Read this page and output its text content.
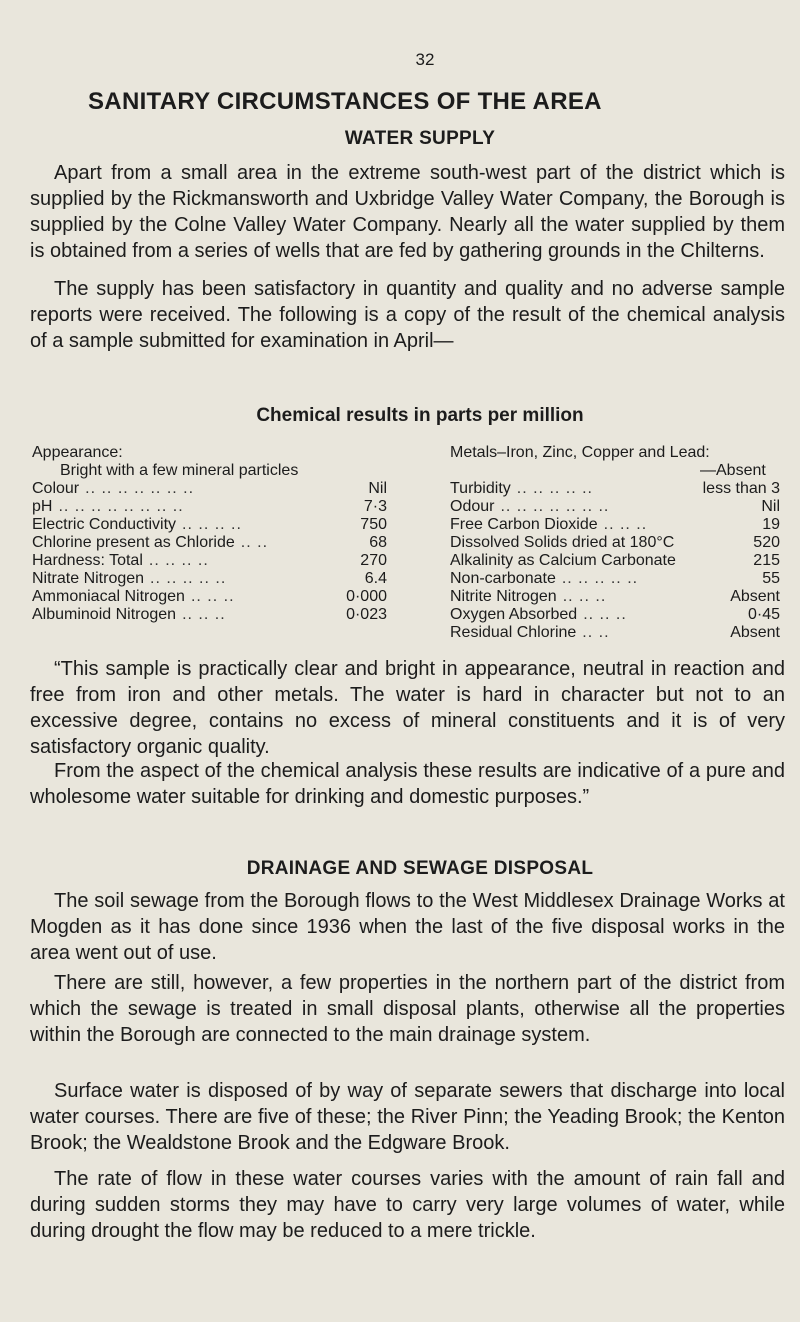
32
SANITARY CIRCUMSTANCES OF THE AREA
WATER SUPPLY

Apart from a small area in the extreme south-west part of the district which is supplied by the Rickmansworth and Uxbridge Valley Water Company, the Borough is supplied by the Colne Valley Water Company. Nearly all the water supplied by them is obtained from a series of wells that are fed by gathering grounds in the Chilterns.

The supply has been satisfactory in quantity and quality and no adverse sample reports were received. The following is a copy of the result of the chemical analysis of a sample submitted for examination in April—

Chemical results in parts per million
Appearance:
Bright with a few mineral particles
Colour .. .. .. .. .. .. ..	Nil
pH .. .. .. .. .. .. .. ..	7·3
Electric Conductivity .. .. .. ..	750
Chlorine present as Chloride .. ..	68
Hardness: Total .. .. .. ..	270
Nitrate Nitrogen .. .. .. .. ..	6.4
Ammoniacal Nitrogen .. .. ..	0·000
Albuminoid Nitrogen .. .. ..	0·023
Metals–Iron, Zinc, Copper and Lead:
—Absent
Turbidity .. .. .. .. ..	less than 3
Odour .. .. .. .. .. .. ..	Nil
Free Carbon Dioxide .. .. ..	19
Dissolved Solids dried at 180°C	520
Alkalinity as Calcium Carbonate	215
Non-carbonate .. .. .. .. ..	55
Nitrite Nitrogen .. .. ..	Absent
Oxygen Absorbed .. .. ..	0·45
Residual Chlorine .. ..	Absent

“This sample is practically clear and bright in appearance, neutral in reaction and free from iron and other metals. The water is hard in character but not to an excessive degree, contains no excess of mineral constituents and it is of very satisfactory organic quality.

From the aspect of the chemical analysis these results are indicative of a pure and wholesome water suitable for drinking and domestic purposes.”

DRAINAGE AND SEWAGE DISPOSAL

The soil sewage from the Borough flows to the West Middlesex Drainage Works at Mogden as it has done since 1936 when the last of the five disposal works in the area went out of use.

There are still, however, a few properties in the northern part of the district from which the sewage is treated in small disposal plants, otherwise all the properties within the Borough are connected to the main drainage system.

Surface water is disposed of by way of separate sewers that discharge into local water courses. There are five of these; the River Pinn; the Yeading Brook; the Kenton Brook; the Wealdstone Brook and the Edgware Brook.

The rate of flow in these water courses varies with the amount of rain fall and during sudden storms they may have to carry very large volumes of water, while during drought the flow may be reduced to a mere trickle.
